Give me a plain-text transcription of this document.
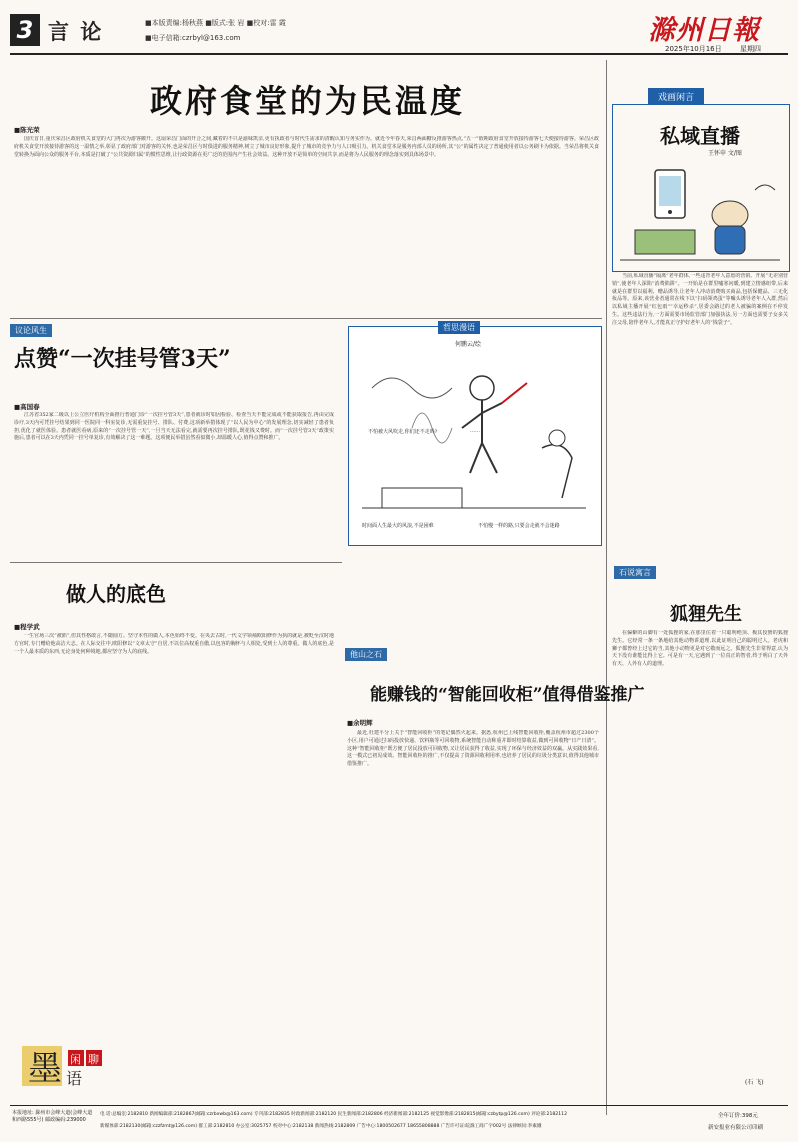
3 言 论	■本版责编:杨秋燕 ■版式:张 岩 ■校对:雷 霞
■电子信箱:czrbyl@163.com	滁州日報
2025年10月16日	星期四
政府食堂的为民温度
■陈光荣

国庆首日,重庆荣昌区政府机关食堂的大门再次为游客敞开。这扇荣昌门面的开合之间,藏着的不只是渝味凯亲,更有执政者与时代生需求的清醒认知与务实作为。就近今年春天,荣昌两面糖反推游客热点,“五一”假期政府食堂开放接待游客七天便接待游客。荣昌区政府机关食堂开放接待游客的这一温情之举,彰显了政府部门对游客的关怀,也是荣昌区与时俱进的服务精神,树立了城市良好形象,提升了城市的竞争力与人口吸引力。机关食堂本是服务内部人员的场所,其“公”的属性决定了普通使用者以公务刷卡为依据。当荣昌将机关食堂转换为面向公众的服务平台,本质是打破了“公共资源归属”的惯性思维,让行政资源在更广泛的范围内产生社会效益。这种开放不是简单的空间共享,而是将为人民服务的理念落实到具体场景中。

戏画闲言
私域直播
王怀申 文/图

当前,私域直播“隔离”老年群体,一些违背老年人意愿的营销、开展“无差别营销”,使老年人深陷“消费陷阱”。一开始是在群里嘘寒问暖,到建立情感纽带,后来就是在群里以福利、赠品诱导,让老年人冲动消费购买商品,包括保健品、三无化妆品等。原来,该营业者通常在线下以“扫码领鸡蛋”等噱头诱导老年人入群,然后以私域主播开展“红包雨”“幸运秒杀”,居委会路过的老人被骗的案例在不停发生。这些违法行为,一方面需要市场监管部门加强执法,另一方面也需要子女多关注父母,陪伴老年人,才能真正守护好老年人的“钱袋子”。

议论风生
点赞“一次挂号管3天”
■高国春

江苏省352家二级以上公立医疗机构全面推行普通门诊“一次挂号管3天”,患者就诊时如因检验、检查当天不能完成或不能获取报告,再由完成诊疗,3天内可凭挂号结果到同一医院同一科室复诊,无需重复挂号、排队、付费,这项新举措体现了“以人民为中心”的发展理念,切实减轻了患者负担,优化了就医体验。患者就医看病,原来的“一次挂号管一天”,一旦当天无法看完,就需要再次挂号排队,既花钱又费时。而“一次挂号管3天”政策实施后,患者可以在3天内凭同一挂号单复诊,有效解决了这一难题。这项便民举措虽然看似微小,却温暖人心,值得点赞和推广。

哲思漫语
何鹏云/绘
不怕被大风吹走,你们还不走吗?	……
时间面人生最大的风浪,不是困难	不怕慢一样的路,只要会走就不会迷路
做人的底色
■程学武

一生官场三次“被陷”,但其性格敢言,不随圆方。坚守本性的做人,本色始终不变。在央去古时,一代文学领袖欧阳修作为执的就是,被贬至汉时地方官时,专门赠给他高洁大志。在人际交往中,欧阳修以“文章太守”自居,不以位高权重自傲,以包容的胸怀与人相处,受到士人的尊重。做人的底色,是一个人最本质的东西,无论身处何种境地,都应坚守为人的底线。	他山之石
能赚钱的“智能回收柜”值得借鉴推广
■余明辉

最近,杜建平分上关于“智能回收柜”的笔记偶然火起来。据悉,杭州已上线智能回收柜,覆盖杭州市超过2300个小区,用户可通过扫码投放快递、饮料瓶等可回收物,系统智能自动称重并即时结算收益,做到可回收物“日产日清”。这种“智能回收柜”既方便了居民投放可回收物,又让居民获得了收益,实现了环保与经济效益的双赢。从实践效果看,这一模式已初见成效。智能回收柜的推广,不仅提高了资源回收利用率,也培养了居民的垃圾分类意识,值得其他城市借鉴推广。

石说寓言
狐狸先生

在偏僻的山脚有一处狐狸的家,在那里住着一只聪明绝顶、极其狡猾的狐狸先生。它经常一条一条地给其他动物讲道理,以此证明自己的聪明过人。老虎和狮子都曾经上过它的当,其他小动物更是对它敬而远之。狐狸先生非常得意,认为天下没有谁能比得上它。可是有一天,它遇到了一位真正的智者,终于明白了天外有天、人外有人的道理。

(石 飞)
墨 闲 聊
语
本报地址: 滁州市会峰大道(会峰大道和西路555号) 邮政编码:239000
电 话:总编室:2182810 新闻编辑部:2182867(邮箱:czrbxwb@163.com) 专刊部:2182835 时政新闻部:2182120 民生新闻部:2182806 经济新闻部:2182125 视觉影像部:2182815(邮箱:czbytp@126.com) 评论部:2182112
新媒体部:2182130(邮箱:czzfzmt@126.com) 群工部:2182810 办公室:3025757 校对中心:2182138 新闻热线:2182809 广告中心:1800502677 18655808888 广告许可证:皖滁工商广字002号 法律顾问:李素娥
全年订价:398元
新安报业有限公司印刷
